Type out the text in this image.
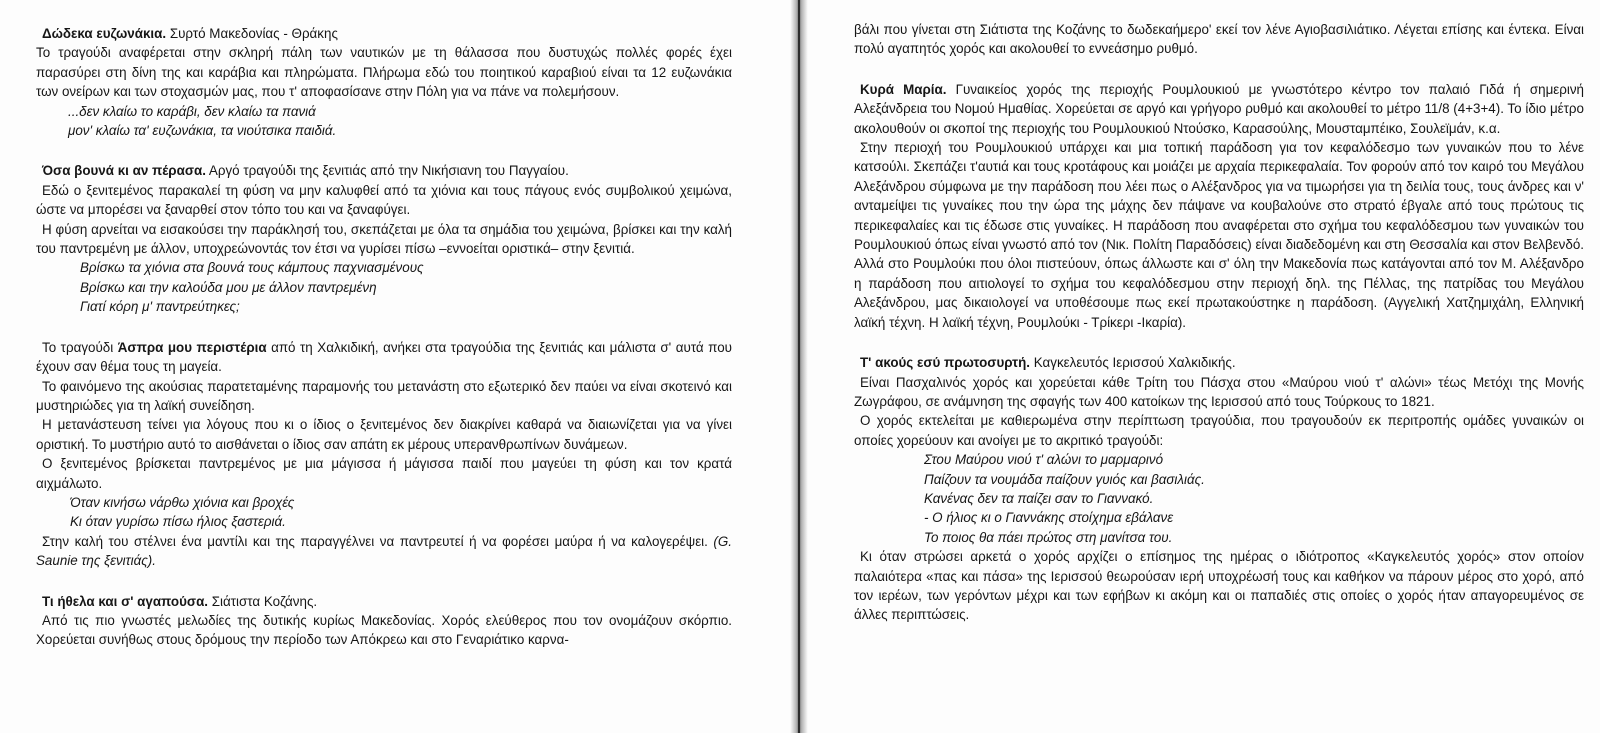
Δώδεκα ευζωνάκια. Συρτό Μακεδονίας - Θράκης

Το τραγούδι αναφέρεται στην σκληρή πάλη των ναυτικών με τη θάλασσα που δυστυχώς πολλές φορές έχει παρασύρει στη δίνη της και καράβια και πληρώματα. Πλήρωμα εδώ του ποιητικού καραβιού είναι τα 12 ευζωνάκια των ονείρων και των στοχασμών μας, που τ' αποφασίσανε στην Πόλη για να πάνε να πολεμήσουν.

...δεν κλαίω το καράβι, δεν κλαίω τα πανιά

μον' κλαίω τα' ευζωνάκια, τα νιούτσικα παιδιά.

Όσα βουνά κι αν πέρασα. Αργό τραγούδι της ξενιτιάς από την Νικήσιανη του Παγγαίου.

Εδώ ο ξενιτεμένος παρακαλεί τη φύση να μην καλυφθεί από τα χιόνια και τους πάγους ενός συμβολικού χειμώνα, ώστε να μπορέσει να ξαναρθεί στον τόπο του και να ξαναφύγει.

Η φύση αρνείται να εισακούσει την παράκλησή του, σκεπάζεται με όλα τα σημάδια του χειμώνα, βρίσκει και την καλή του παντρεμένη με άλλον, υποχρεώνοντάς τον έτσι να γυρίσει πίσω –εννοείται οριστικά– στην ξενιτιά.

Βρίσκω τα χιόνια στα βουνά τους κάμπους παχνιασμένους

Βρίσκω και την καλούδα μου με άλλον παντρεμένη

Γιατί κόρη μ' παντρεύτηκες;

Το τραγούδι Άσπρα μου περιστέρια από τη Χαλκιδική, ανήκει στα τραγούδια της ξενιτιάς και μάλιστα σ' αυτά που έχουν σαν θέμα τους τη μαγεία.

Το φαινόμενο της ακούσιας παρατεταμένης παραμονής του μετανάστη στο εξωτερικό δεν παύει να είναι σκοτεινό και μυστηριώδες για τη λαϊκή συνείδηση.

Η μετανάστευση τείνει για λόγους που κι ο ίδιος ο ξενιτεμένος δεν διακρίνει καθαρά να διαιωνίζεται για να γίνει οριστική. Το μυστήριο αυτό το αισθάνεται ο ίδιος σαν απάτη εκ μέρους υπερανθρωπίνων δυνάμεων.

Ο ξενιτεμένος βρίσκεται παντρεμένος με μια μάγισσα ή μάγισσα παιδί που μαγεύει τη φύση και τον κρατά αιχμάλωτο.

Όταν κινήσω νάρθω χιόνια και βροχές

Κι όταν γυρίσω πίσω ήλιος ξαστεριά.

Στην καλή του στέλνει ένα μαντίλι και της παραγγέλνει να παντρευτεί ή να φορέσει μαύρα ή να καλογερέψει. (G. Saunie της ξενιτιάς).

Τι ήθελα και σ' αγαπούσα. Σιάτιστα Κοζάνης.

Από τις πιο γνωστές μελωδίες της δυτικής κυρίως Μακεδονίας. Χορός ελεύθερος που τον ονομάζουν σκόρπιο. Χορεύεται συνήθως στους δρόμους την περίοδο των Απόκρεω και στο Γεναριάτικο καρνα-

βάλι που γίνεται στη Σιάτιστα της Κοζάνης το δωδεκαήμερο' εκεί τον λένε Αγιοβασιλιάτικο. Λέγεται επίσης και έντεκα. Είναι πολύ αγαπητός χορός και ακολουθεί το εννεάσημο ρυθμό.

Κυρά Μαρία. Γυναικείος χορός της περιοχής Ρουμλουκιού με γνωστότερο κέντρο τον παλαιό Γιδά ή σημερινή Αλεξάνδρεια του Νομού Ημαθίας. Χορεύεται σε αργό και γρήγορο ρυθμό και ακολουθεί το μέτρο 11/8 (4+3+4). Το ίδιο μέτρο ακολουθούν οι σκοποί της περιοχής του Ρουμλουκιού Ντούσκο, Καρασούλης, Μουσταμπέικο, Σουλεϊμάν, κ.α.

Στην περιοχή του Ρουμλουκιού υπάρχει και μια τοπική παράδοση για τον κεφαλόδεσμο των γυναικών που το λένε κατσούλι. Σκεπάζει τ'αυτιά και τους κροτάφους και μοιάζει με αρχαία περικεφαλαία. Τον φορούν από τον καιρό του Μεγάλου Αλεξάνδρου σύμφωνα με την παράδοση που λέει πως ο Αλέξανδρος για να τιμωρήσει για τη δειλία τους, τους άνδρες και ν' ανταμείψει τις γυναίκες που την ώρα της μάχης δεν πάψανε να κουβαλούνε στο στρατό έβγαλε από τους πρώτους τις περικεφαλαίες και τις έδωσε στις γυναίκες. Η παράδοση που αναφέρεται στο σχήμα του κεφαλόδεσμου των γυναικών του Ρουμλουκιού όπως είναι γνωστό από τον (Νικ. Πολίτη Παραδόσεις) είναι διαδεδομένη και στη Θεσσαλία και στον Βελβενδό. Αλλά στο Ρουμλούκι που όλοι πιστεύουν, όπως άλλωστε και σ' όλη την Μακεδονία πως κατάγονται από τον Μ. Αλέξανδρο η παράδοση που αιτιολογεί το σχήμα του κεφαλόδεσμου στην περιοχή δηλ. της Πέλλας, της πατρίδας του Μεγάλου Αλεξάνδρου, μας δικαιολογεί να υποθέσουμε πως εκεί πρωτακούστηκε η παράδοση. (Αγγελική Χατζημιχάλη, Ελληνική λαϊκή τέχνη. Η λαϊκή τέχνη, Ρουμλούκι - Τρίκερι -Ικαρία).

Τ' ακούς εσύ πρωτοσυρτή. Καγκελευτός Ιερισσού Χαλκιδικής.

Είναι Πασχαλινός χορός και χορεύεται κάθε Τρίτη του Πάσχα στου «Μαύρου νιού τ' αλώνι» τέως Μετόχι της Μονής Ζωγράφου, σε ανάμνηση της σφαγής των 400 κατοίκων της Ιερισσού από τους Τούρκους το 1821.

Ο χορός εκτελείται με καθιερωμένα στην περίπτωση τραγούδια, που τραγουδούν εκ περιτροπής ομάδες γυναικών οι οποίες χορεύουν και ανοίγει με το ακριτικό τραγούδι:

Στου Μαύρου νιού τ' αλώνι το μαρμαρινό

Παίζουν τα νουμάδα παίζουν γυιός και βασιλιάς.

Κανένας δεν τα παίζει σαν το Γιαννακό.

- Ο ήλιος κι ο Γιαννάκης στοίχημα εβάλανε

Το ποιος θα πάει πρώτος στη μανίτσα του.

Κι όταν στρώσει αρκετά ο χορός αρχίζει ο επίσημος της ημέρας ο ιδιότροπος «Καγκελευτός χορός» στον οποίον παλαιότερα «πας και πάσα» της Ιερισσού θεωρούσαν ιερή υποχρέωσή τους και καθήκον να πάρουν μέρος στο χορό, από τον ιερέων, των γερόντων μέχρι και των εφήβων κι ακόμη και οι παπαδιές στις οποίες ο χορός ήταν απαγορευμένος σε άλλες περιπτώσεις.
